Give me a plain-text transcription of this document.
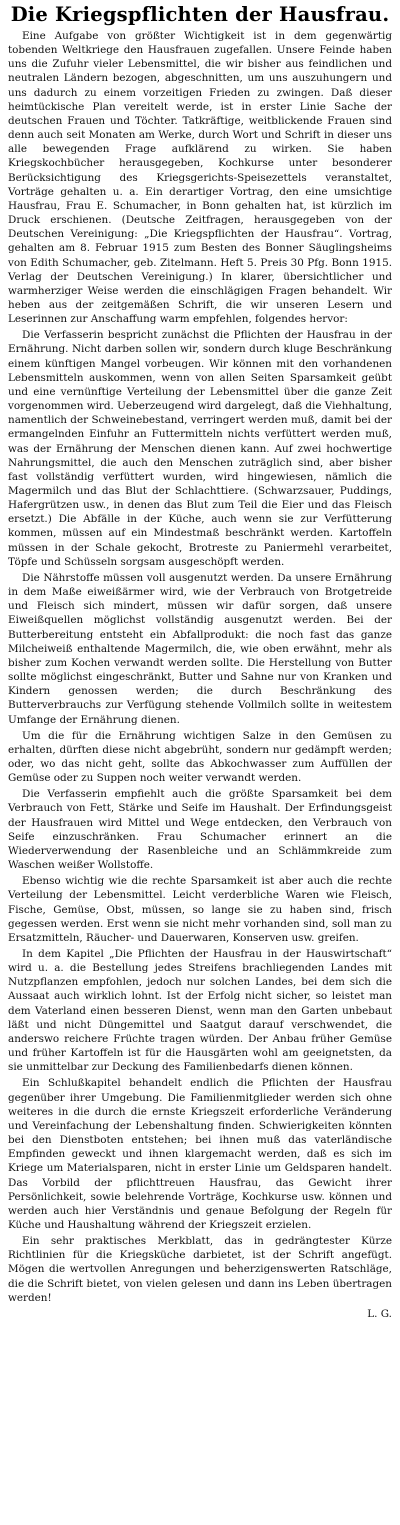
Die Kriegspflichten der Hausfrau.

Eine Aufgabe von größter Wichtigkeit ist in dem gegenwärtig tobenden Weltkriege den Hausfrauen zugefallen. Unsere Feinde haben uns die Zufuhr vieler Lebensmittel, die wir bisher aus feindlichen und neutralen Ländern bezogen, abgeschnitten, um uns auszuhungern und uns dadurch zu einem vorzeitigen Frieden zu zwingen. Daß dieser heimtückische Plan vereitelt werde, ist in erster Linie Sache der deutschen Frauen und Töchter. Tatkräftige, weitblickende Frauen sind denn auch seit Monaten am Werke, durch Wort und Schrift in dieser uns alle bewegenden Frage aufklärend zu wirken. Sie haben Kriegskochbücher herausgegeben, Kochkurse unter besonderer Berücksichtigung des Kriegsgerichts-Speisezettels veranstaltet, Vorträge gehalten u. a. Ein derartiger Vortrag, den eine umsichtige Hausfrau, Frau E. Schumacher, in Bonn gehalten hat, ist kürzlich im Druck erschienen. (Deutsche Zeitfragen, herausgegeben von der Deutschen Vereinigung: „Die Kriegspflichten der Hausfrau“. Vortrag, gehalten am 8. Februar 1915 zum Besten des Bonner Säuglingsheims von Edith Schumacher, geb. Zitelmann. Heft 5. Preis 30 Pfg. Bonn 1915. Verlag der Deutschen Vereinigung.) In klarer, übersichtlicher und warmherziger Weise werden die einschlägigen Fragen behandelt. Wir heben aus der zeitgemäßen Schrift, die wir unseren Lesern und Leserinnen zur Anschaffung warm empfehlen, folgendes hervor:

Die Verfasserin bespricht zunächst die Pflichten der Hausfrau in der Ernährung. Nicht darben sollen wir, sondern durch kluge Beschränkung einem künftigen Mangel vorbeugen. Wir können mit den vorhandenen Lebensmitteln auskommen, wenn von allen Seiten Sparsamkeit geübt und eine vernünftige Verteilung der Lebensmittel über die ganze Zeit vorgenommen wird. Ueberzeugend wird dargelegt, daß die Viehhaltung, namentlich der Schweinebestand, verringert werden muß, damit bei der ermangelnden Einfuhr an Futtermitteln nichts verfüttert werden muß, was der Ernährung der Menschen dienen kann. Auf zwei hochwertige Nahrungsmittel, die auch den Menschen zuträglich sind, aber bisher fast vollständig verfüttert wurden, wird hingewiesen, nämlich die Magermilch und das Blut der Schlachttiere. (Schwarzsauer, Puddings, Hafergrützen usw., in denen das Blut zum Teil die Eier und das Fleisch ersetzt.) Die Abfälle in der Küche, auch wenn sie zur Verfütterung kommen, müssen auf ein Mindestmaß beschränkt werden. Kartoffeln müssen in der Schale gekocht, Brotreste zu Paniermehl verarbeitet, Töpfe und Schüsseln sorgsam ausgeschöpft werden.

Die Nährstoffe müssen voll ausgenutzt werden. Da unsere Ernährung in dem Maße eiweißärmer wird, wie der Verbrauch von Brotgetreide und Fleisch sich mindert, müssen wir dafür sorgen, daß unsere Eiweißquellen möglichst vollständig ausgenutzt werden. Bei der Butterbereitung entsteht ein Abfallprodukt: die noch fast das ganze Milcheiweiß enthaltende Magermilch, die, wie oben erwähnt, mehr als bisher zum Kochen verwandt werden sollte. Die Herstellung von Butter sollte möglichst eingeschränkt, Butter und Sahne nur von Kranken und Kindern genossen werden; die durch Beschränkung des Butterverbrauchs zur Verfügung stehende Vollmilch sollte in weitestem Umfange der Ernährung dienen.

Um die für die Ernährung wichtigen Salze in den Gemüsen zu erhalten, dürften diese nicht abgebrüht, sondern nur gedämpft werden; oder, wo das nicht geht, sollte das Abkochwasser zum Auffüllen der Gemüse oder zu Suppen noch weiter verwandt werden.

Die Verfasserin empfiehlt auch die größte Sparsamkeit bei dem Verbrauch von Fett, Stärke und Seife im Haushalt. Der Erfindungsgeist der Hausfrauen wird Mittel und Wege entdecken, den Verbrauch von Seife einzuschränken. Frau Schumacher erinnert an die Wiederverwendung der Rasenbleiche und an Schlämmkreide zum Waschen weißer Wollstoffe.

Ebenso wichtig wie die rechte Sparsamkeit ist aber auch die rechte Verteilung der Lebensmittel. Leicht verderbliche Waren wie Fleisch, Fische, Gemüse, Obst, müssen, so lange sie zu haben sind, frisch gegessen werden. Erst wenn sie nicht mehr vorhanden sind, soll man zu Ersatzmitteln, Räucher- und Dauerwaren, Konserven usw. greifen.

In dem Kapitel „Die Pflichten der Hausfrau in der Hauswirtschaft“ wird u. a. die Bestellung jedes Streifens brachliegenden Landes mit Nutzpflanzen empfohlen, jedoch nur solchen Landes, bei dem sich die Aussaat auch wirklich lohnt. Ist der Erfolg nicht sicher, so leistet man dem Vaterland einen besseren Dienst, wenn man den Garten unbebaut läßt und nicht Düngemittel und Saatgut darauf verschwendet, die anderswo reichere Früchte tragen würden. Der Anbau früher Gemüse und früher Kartoffeln ist für die Hausgärten wohl am geeignetsten, da sie unmittelbar zur Deckung des Familienbedarfs dienen können.

Ein Schlußkapitel behandelt endlich die Pflichten der Hausfrau gegenüber ihrer Umgebung. Die Familienmitglieder werden sich ohne weiteres in die durch die ernste Kriegszeit erforderliche Veränderung und Vereinfachung der Lebenshaltung finden. Schwierigkeiten könnten bei den Dienstboten entstehen; bei ihnen muß das vaterländische Empfinden geweckt und ihnen klargemacht werden, daß es sich im Kriege um Materialsparen, nicht in erster Linie um Geldsparen handelt. Das Vorbild der pflichttreuen Hausfrau, das Gewicht ihrer Persönlichkeit, sowie belehrende Vorträge, Kochkurse usw. können und werden auch hier Verständnis und genaue Befolgung der Regeln für Küche und Haushaltung während der Kriegszeit erzielen.

Ein sehr praktisches Merkblatt, das in gedrängtester Kürze Richtlinien für die Kriegsküche darbietet, ist der Schrift angefügt. Mögen die wertvollen Anregungen und beherzigenswerten Ratschläge, die die Schrift bietet, von vielen gelesen und dann ins Leben übertragen werden!

L. G.
